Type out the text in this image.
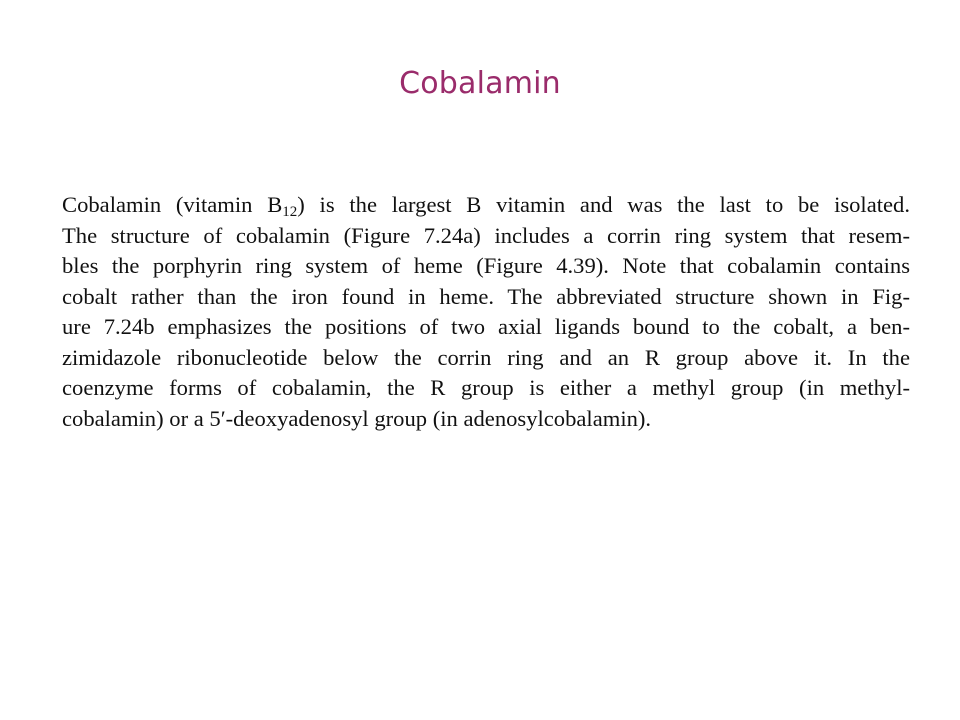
Cobalamin
Cobalamin (vitamin $B_{12}$) is the largest B vitamin and was the last to be isolated.
The structure of cobalamin (Figure 7.24a) includes a corrin ring system that resem-
bles the porphyrin ring system of heme (Figure 4.39). Note that cobalamin contains
cobalt rather than the iron found in heme. The abbreviated structure shown in Fig-
ure 7.24b emphasizes the positions of two axial ligands bound to the cobalt, a ben-
zimidazole ribonucleotide below the corrin ring and an R group above it. In the
coenzyme forms of cobalamin, the R group is either a methyl group (in methyl-
cobalamin) or a 5′-deoxyadenosyl group (in adenosylcobalamin).
